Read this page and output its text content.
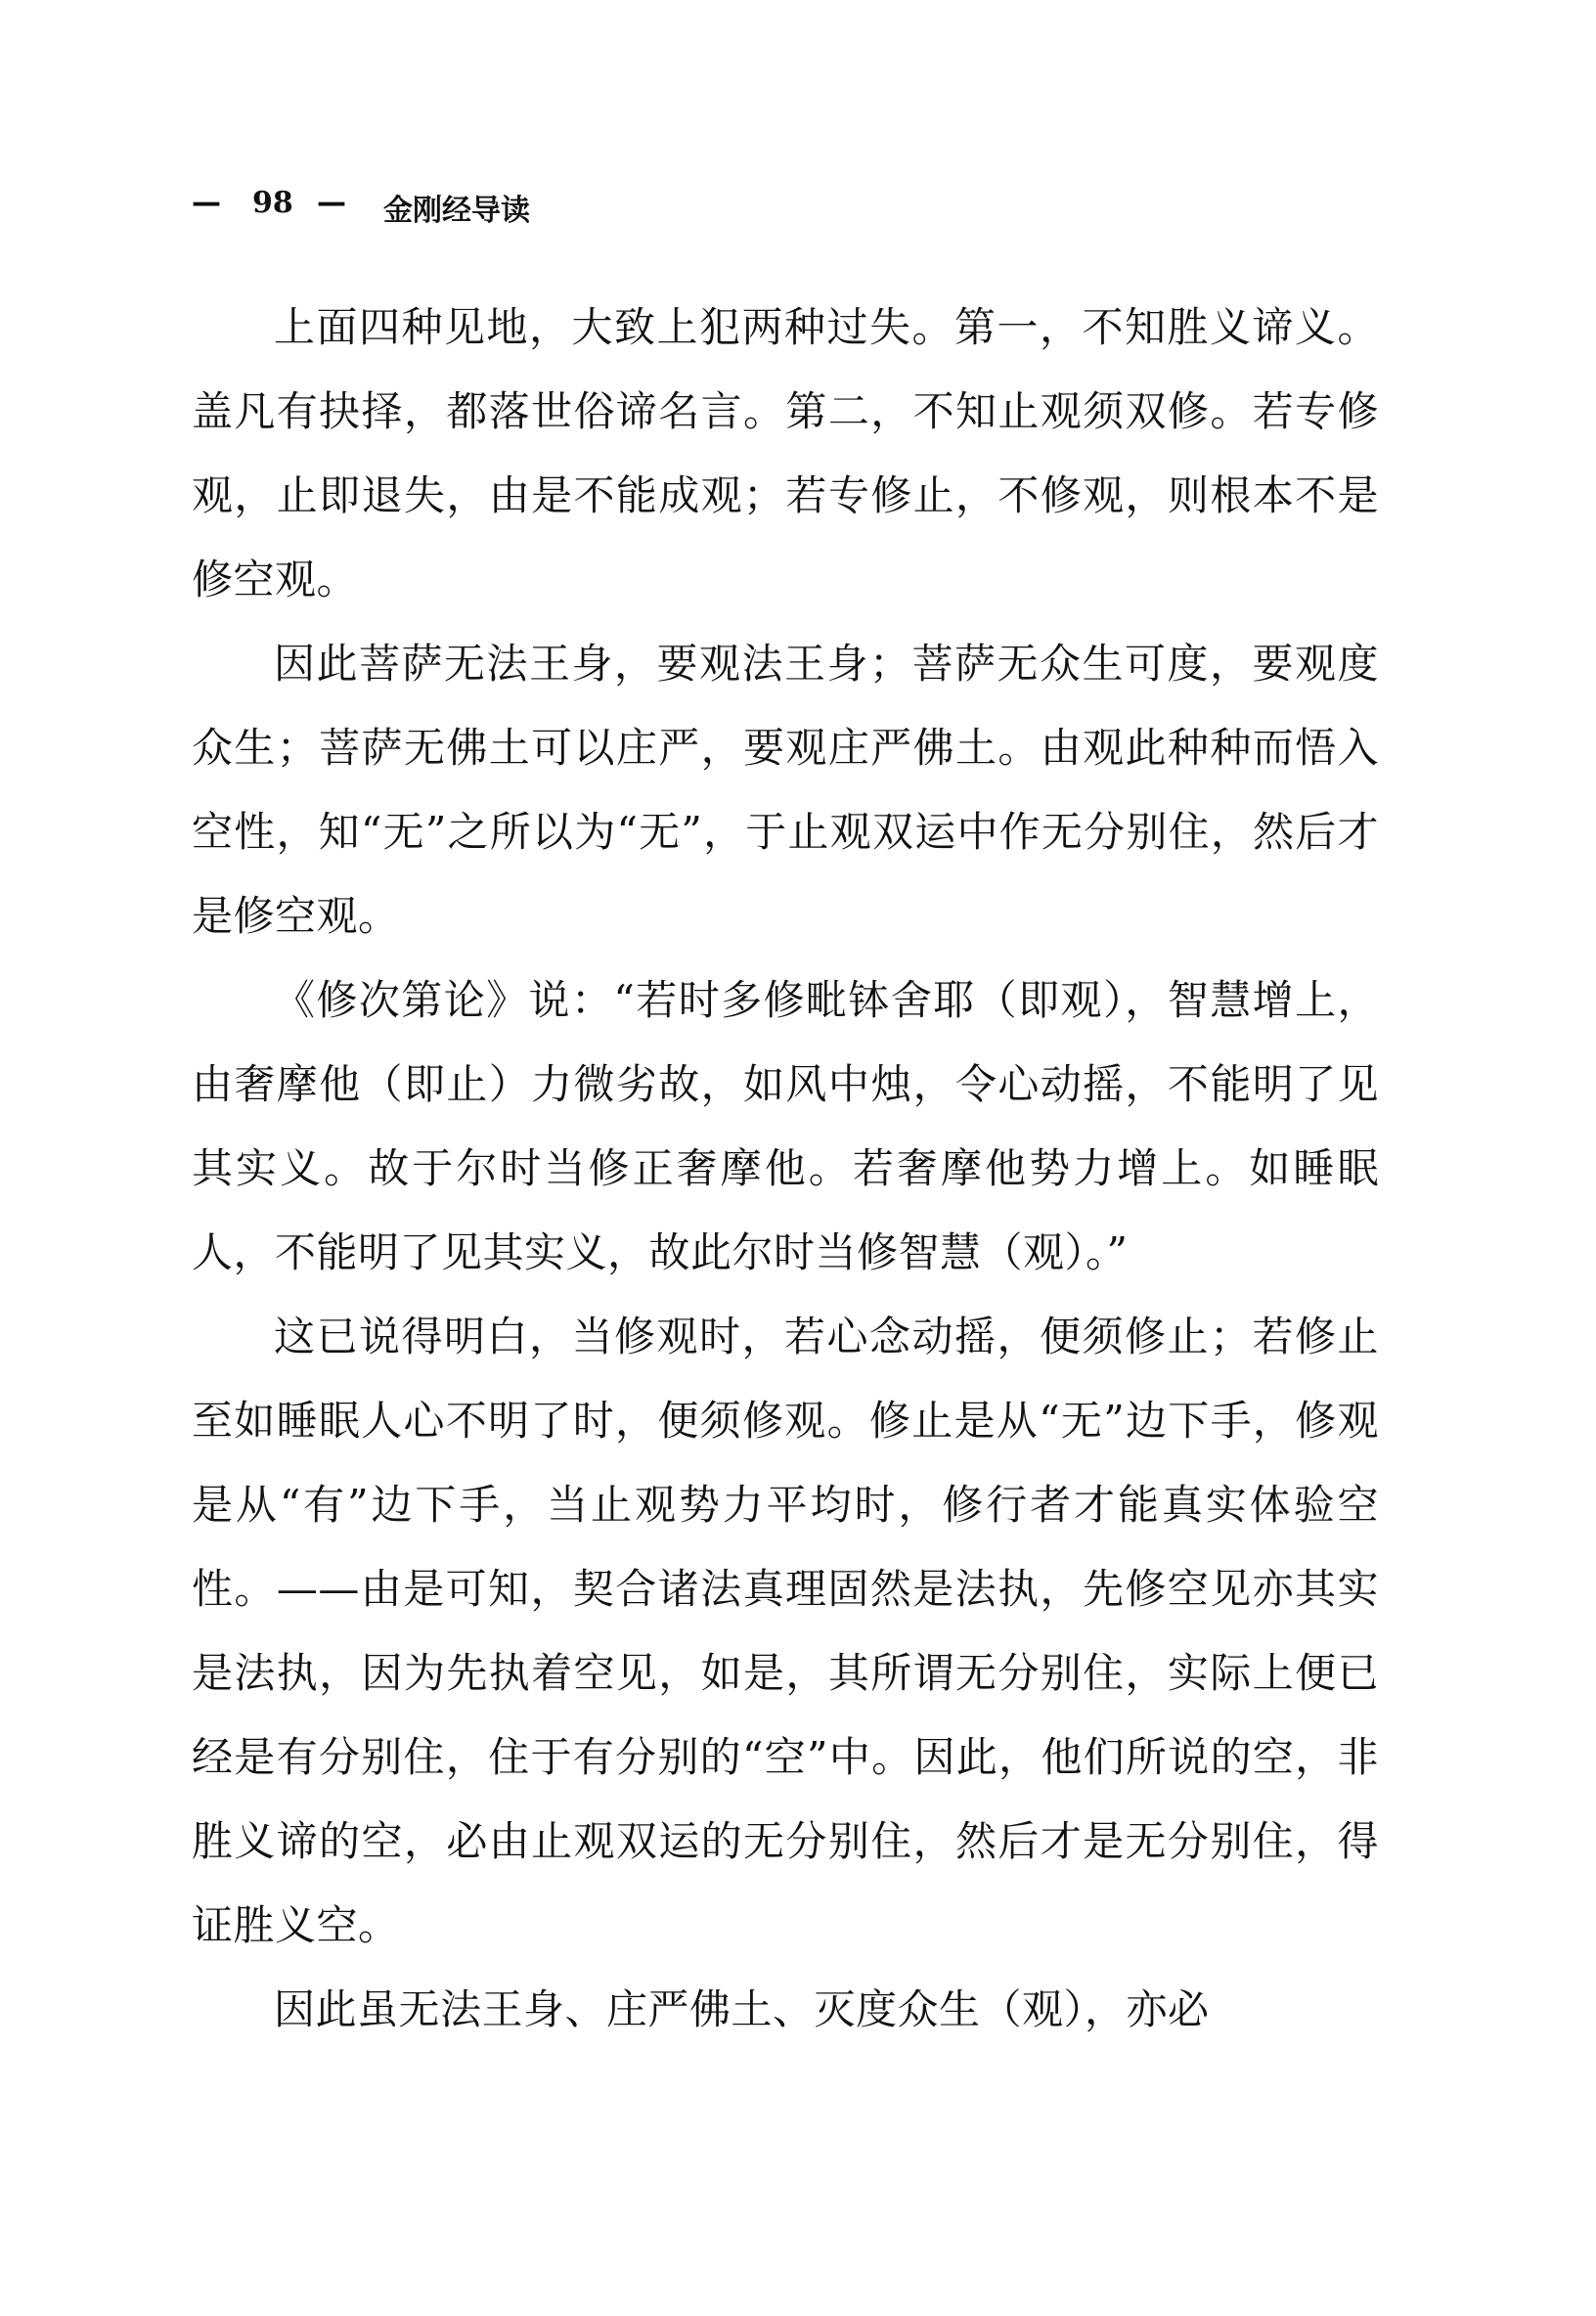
— 98 — 金刚经导读

上面四种见地，大致上犯两种过失。第一，不知胜义谛义。盖凡有抉择，都落世俗谛名言。第二，不知止观须双修。若专修观，止即退失，由是不能成观；若专修止，不修观，则根本不是修空观。

因此菩萨无法王身，要观法王身；菩萨无众生可度，要观度众生；菩萨无佛土可以庄严，要观庄严佛土。由观此种种而悟入空性，知“无”之所以为“无”，于止观双运中作无分别住，然后才是修空观。

《修次第论》说：“若时多修毗钵舍耶（即观），智慧增上，由奢摩他（即止）力微劣故，如风中烛，令心动摇，不能明了见其实义。故于尔时当修正奢摩他。若奢摩他势力增上。如睡眠人，不能明了见其实义，故此尔时当修智慧（观）。”

这已说得明白，当修观时，若心念动摇，便须修止；若修止至如睡眠人心不明了时，便须修观。修止是从“无”边下手，修观是从“有”边下手，当止观势力平均时，修行者才能真实体验空性。——由是可知，契合诸法真理固然是法执，先修空见亦其实是法执，因为先执着空见，如是，其所谓无分别住，实际上便已经是有分别住，住于有分别的“空”中。因此，他们所说的空，非胜义谛的空，必由止观双运的无分别住，然后才是无分别住，得证胜义空。

因此虽无法王身、庄严佛土、灭度众生（观），亦必
